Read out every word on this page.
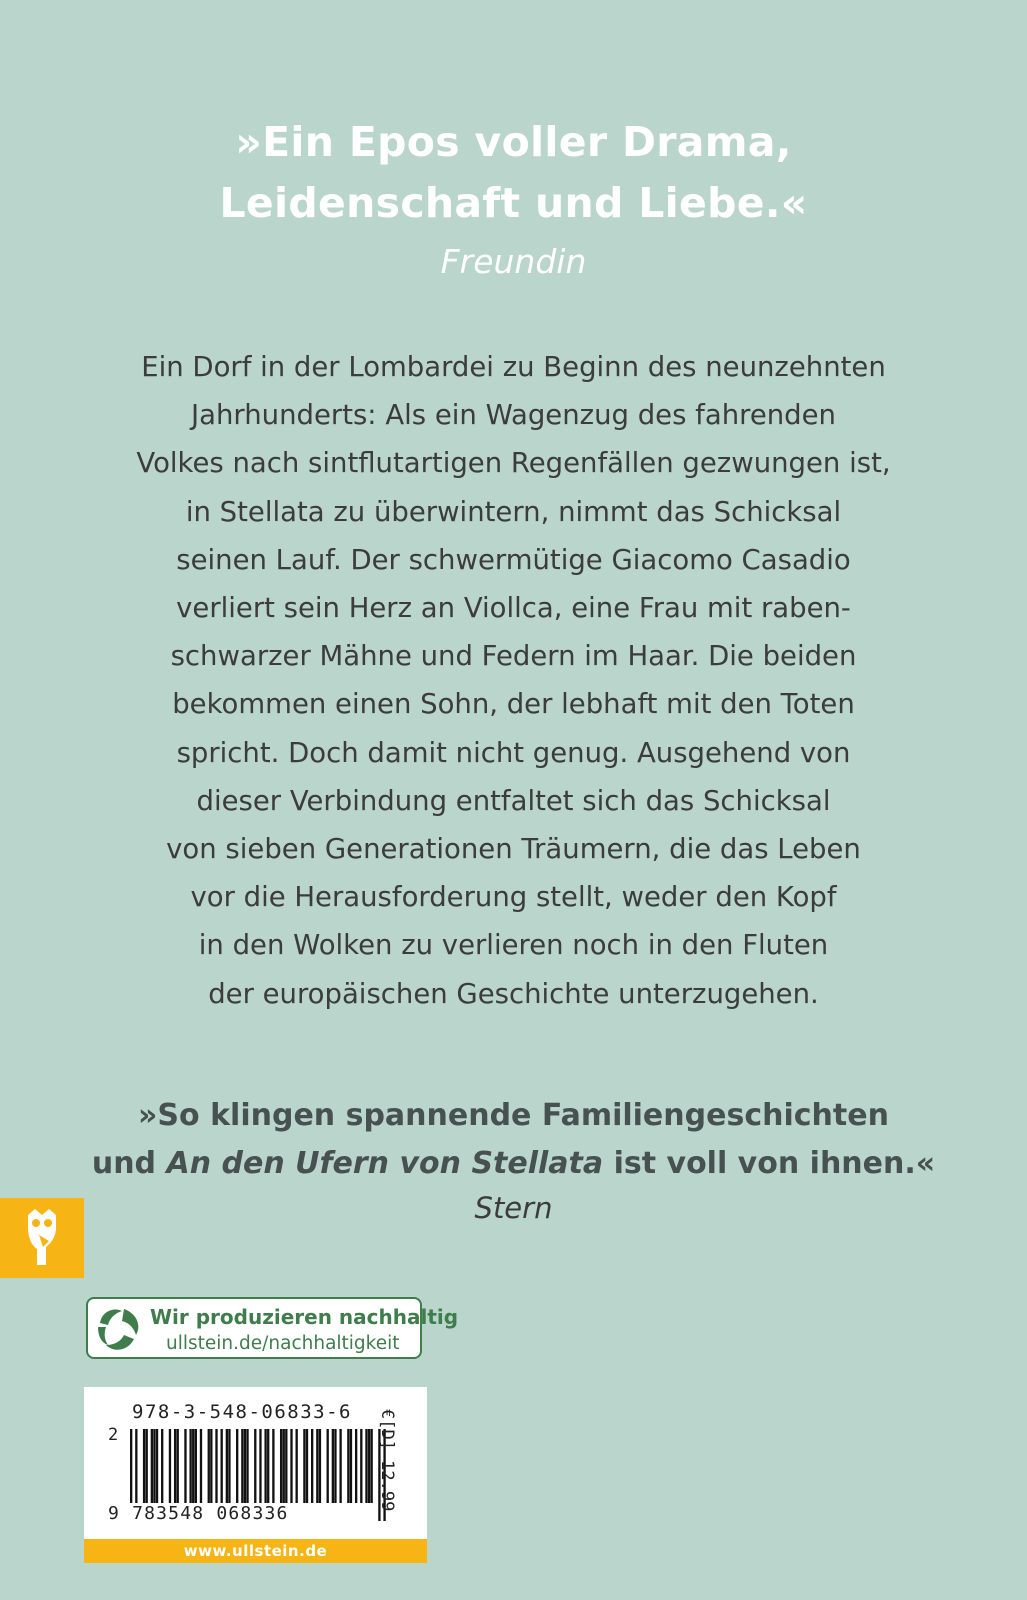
»Ein Epos voller Drama,
Leidenschaft und Liebe.«
Freundin
Ein Dorf in der Lombardei zu Beginn des neunzehnten
Jahrhunderts: Als ein Wagenzug des fahrenden
Volkes nach sintflutartigen Regenfällen gezwungen ist,
in Stellata zu überwintern, nimmt das Schicksal
seinen Lauf. Der schwermütige Giacomo Casadio
verliert sein Herz an Viollca, eine Frau mit raben-
schwarzer Mähne und Federn im Haar. Die beiden
bekommen einen Sohn, der lebhaft mit den Toten
spricht. Doch damit nicht genug. Ausgehend von
dieser Verbindung entfaltet sich das Schicksal
von sieben Generationen Träumern, die das Leben
vor die Herausforderung stellt, weder den Kopf
in den Wolken zu verlieren noch in den Fluten
der europäischen Geschichte unterzugehen.
»So klingen spannende Familiengeschichten
und An den Ufern von Stellata ist voll von ihnen.«
Stern
Wir produzieren nachhaltig
ullstein.de/nachhaltigkeit
978-3-548-06833-6
2
9 783548 068336
€[D] 12.99
www.ullstein.de
